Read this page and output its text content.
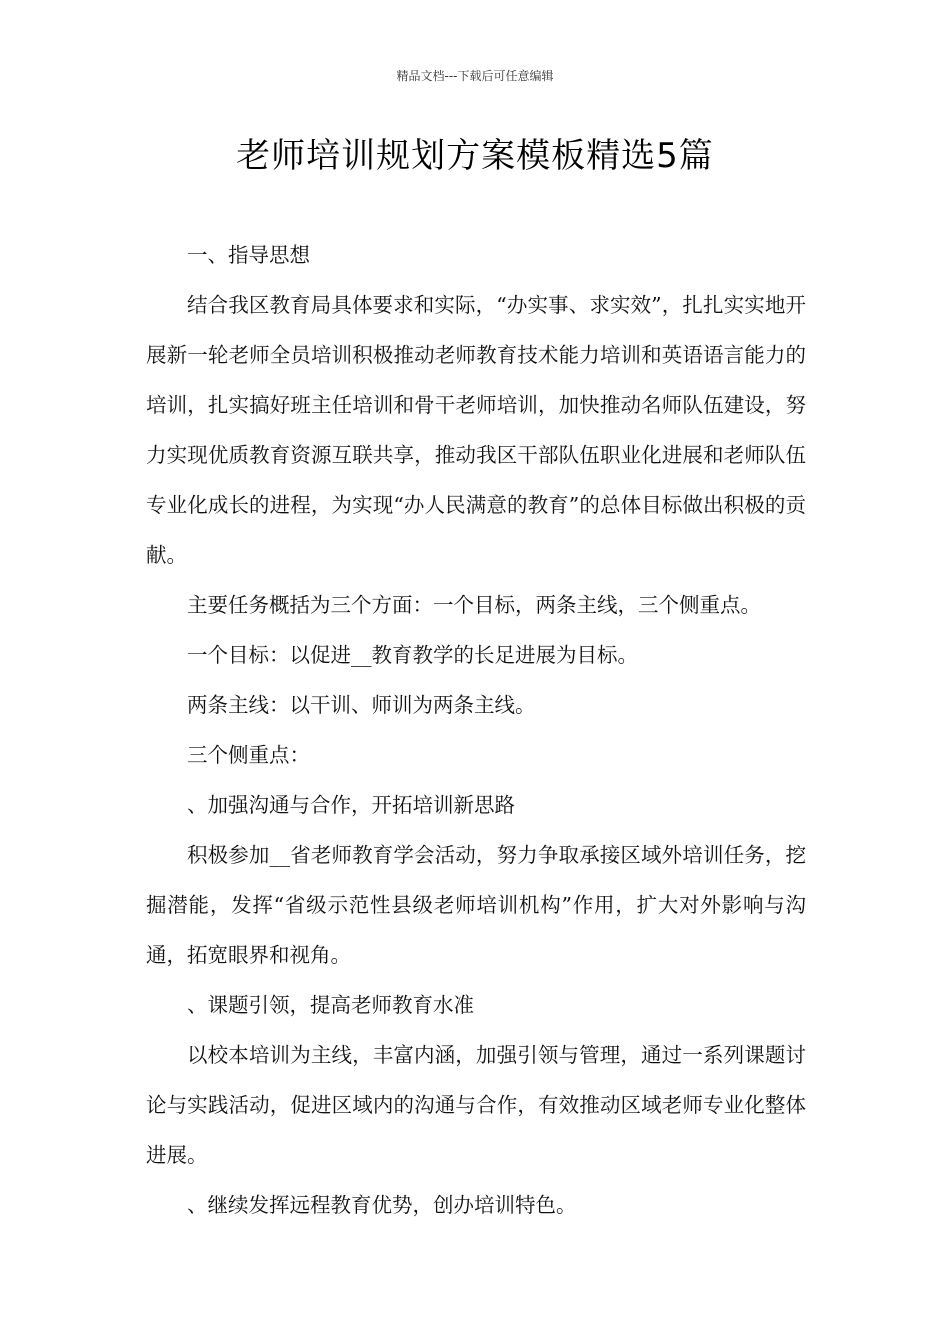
精品文档---下载后可任意编辑
老师培训规划方案模板精选5篇

一、指导思想

结合我区教育局具体要求和实际，“办实事、求实效”，扎扎实实地开展新一轮老师全员培训积极推动老师教育技术能力培训和英语语言能力的培训，扎实搞好班主任培训和骨干老师培训，加快推动名师队伍建设，努力实现优质教育资源互联共享，推动我区干部队伍职业化进展和老师队伍专业化成长的进程，为实现“办人民满意的教育”的总体目标做出积极的贡献。

主要任务概括为三个方面：一个目标，两条主线，三个侧重点。

一个目标：以促进__教育教学的长足进展为目标。

两条主线：以干训、师训为两条主线。

三个侧重点：

、加强沟通与合作，开拓培训新思路

积极参加__省老师教育学会活动，努力争取承接区域外培训任务，挖掘潜能，发挥“省级示范性县级老师培训机构”作用，扩大对外影响与沟通，拓宽眼界和视角。

、课题引领，提高老师教育水准

以校本培训为主线，丰富内涵，加强引领与管理，通过一系列课题讨论与实践活动，促进区域内的沟通与合作，有效推动区域老师专业化整体进展。

、继续发挥远程教育优势，创办培训特色。
